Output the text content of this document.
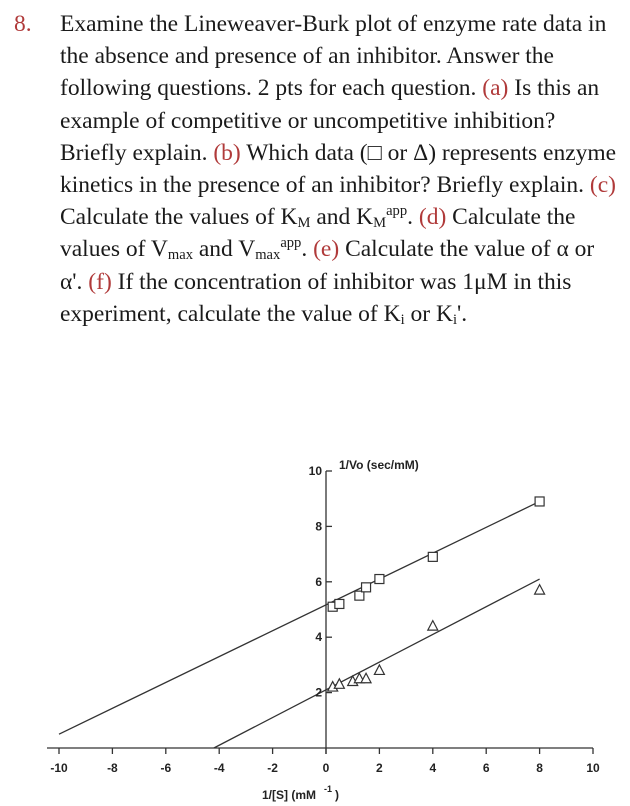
8. Examine the Lineweaver-Burk plot of enzyme rate data in the absence and presence of an inhibitor. Answer the following questions. 2 pts for each question. (a) Is this an example of competitive or uncompetitive inhibition? Briefly explain. (b) Which data (□ or Δ) represents enzyme kinetics in the presence of an inhibitor? Briefly explain. (c) Calculate the values of $K_M$ and $K_M^{app}$. (d) Calculate the values of $V_{max}$ and $V_{max}^{app}$. (e) Calculate the value of α or α'. (f) If the concentration of inhibitor was 1μM in this experiment, calculate the value of $K_i$ or $K_i'$.
-10	-8	-6	-4	-2	0	2	4	6	8	10
2
4
6
8
10 1/Vo (sec/mM)
1/[S] (mM $^{-1}$ )
